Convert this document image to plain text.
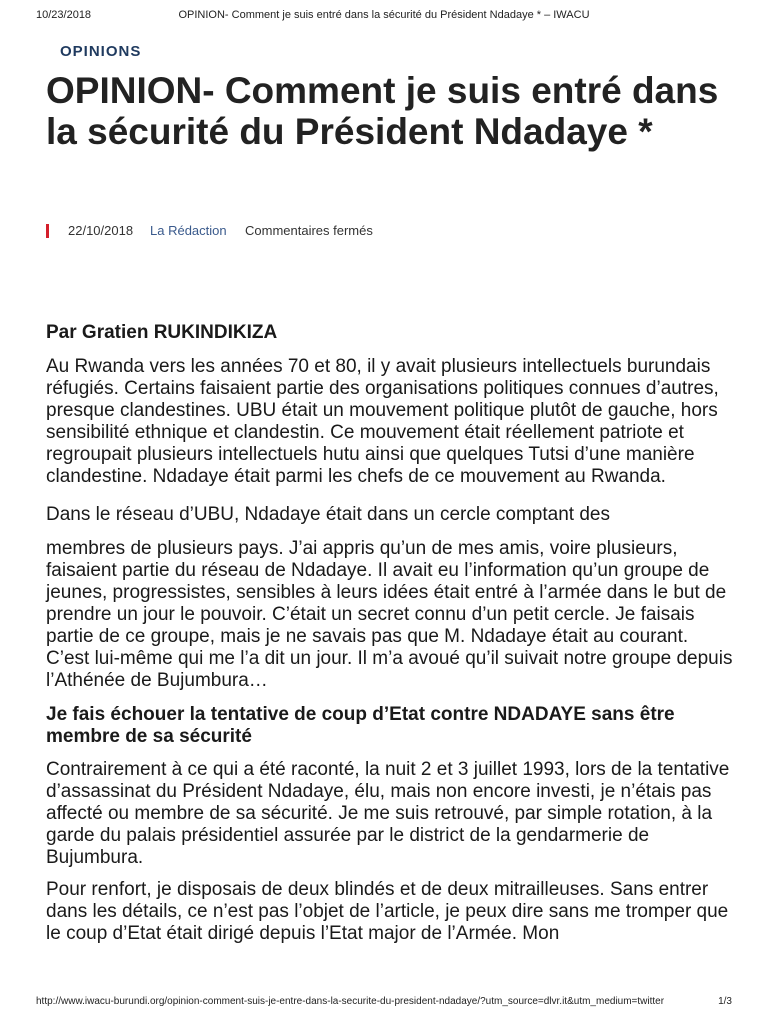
10/23/2018	OPINION- Comment je suis entré dans la sécurité du Président Ndadaye * – IWACU
OPINIONS
OPINION- Comment je suis entré dans la sécurité du Président Ndadaye *
22/10/2018 La Rédaction Commentaires fermés

Par Gratien RUKINDIKIZA

Au Rwanda vers les années 70 et 80, il y avait plusieurs intellectuels burundais réfugiés. Certains faisaient partie des organisations politiques connues d’autres, presque clandestines. UBU était un mouvement politique plutôt de gauche, hors sensibilité ethnique et clandestin. Ce mouvement était réellement patriote et regroupait plusieurs intellectuels hutu ainsi que quelques Tutsi d’une manière clandestine. Ndadaye était parmi les chefs de ce mouvement au Rwanda.

Dans le réseau d’UBU, Ndadaye était dans un cercle comptant des

membres de plusieurs pays. J’ai appris qu’un de mes amis, voire plusieurs, faisaient partie du réseau de Ndadaye. Il avait eu l’information qu’un groupe de jeunes, progressistes, sensibles à leurs idées était entré à l’armée dans le but de prendre un jour le pouvoir. C’était un secret connu d’un petit cercle. Je faisais partie de ce groupe, mais je ne savais pas que M. Ndadaye était au courant. C’est lui-même qui me l’a dit un jour. Il m’a avoué qu’il suivait notre groupe depuis l’Athénée de Bujumbura…

Je fais échouer la tentative de coup d’Etat contre NDADAYE sans être membre de sa sécurité

Contrairement à ce qui a été raconté, la nuit 2 et 3 juillet 1993, lors de la tentative d’assassinat du Président Ndadaye, élu, mais non encore investi, je n’étais pas affecté ou membre de sa sécurité. Je me suis retrouvé, par simple rotation, à la garde du palais présidentiel assurée par le district de la gendarmerie de Bujumbura.

Pour renfort, je disposais de deux blindés et de deux mitrailleuses. Sans entrer dans les détails, ce n’est pas l’objet de l’article, je peux dire sans me tromper que le coup d’Etat était dirigé depuis l’Etat major de l’Armée. Mon

http://www.iwacu-burundi.org/opinion-comment-suis-je-entre-dans-la-securite-du-president-ndadaye/?utm_source=dlvr.it&utm_medium=twitter	1/3
